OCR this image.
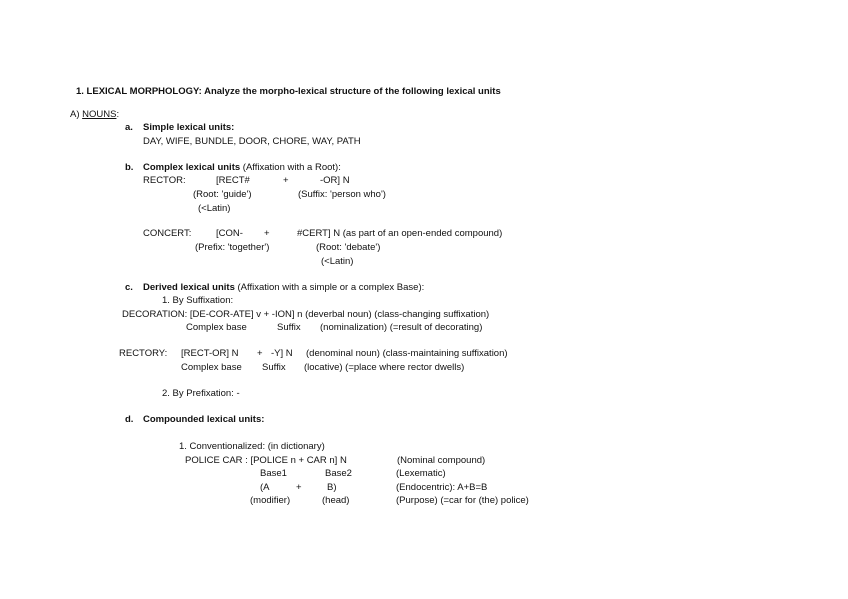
1. LEXICAL MORPHOLOGY: Analyze the morpho-lexical structure of the following lexical units
A) NOUNS:
a. Simple lexical units:
DAY, WIFE, BUNDLE, DOOR, CHORE, WAY, PATH
b. Complex lexical units (Affixation with a Root):
RECTOR:	[RECT#	+	-OR] N
(Root: 'guide')	(Suffix: 'person who')
(<Latin)
CONCERT:	[CON- +	#CERT] N (as part of an open-ended compound)
(Prefix: 'together')	(Root: 'debate')
(<Latin)
c. Derived lexical units (Affixation with a simple or a complex Base):
1. By Suffixation:
DECORATION: [DE-COR-ATE] v + -ION] n (deverbal noun) (class-changing suffixation)
Complex base	Suffix (nominalization) (=result of decorating)
RECTORY: [RECT-OR] N + -Y] N (denominal noun) (class-maintaining suffixation)
Complex base Suffix (locative) (=place where rector dwells)
2. By Prefixation: -
d. Compounded lexical units:
1. Conventionalized: (in dictionary)
POLICE CAR : [POLICE n + CAR n] N	(Nominal compound)
Base1	Base2	(Lexematic)
(A	+	B)	(Endocentric): A+B=B
(modifier)	(head)	(Purpose) (=car for (the) police)
